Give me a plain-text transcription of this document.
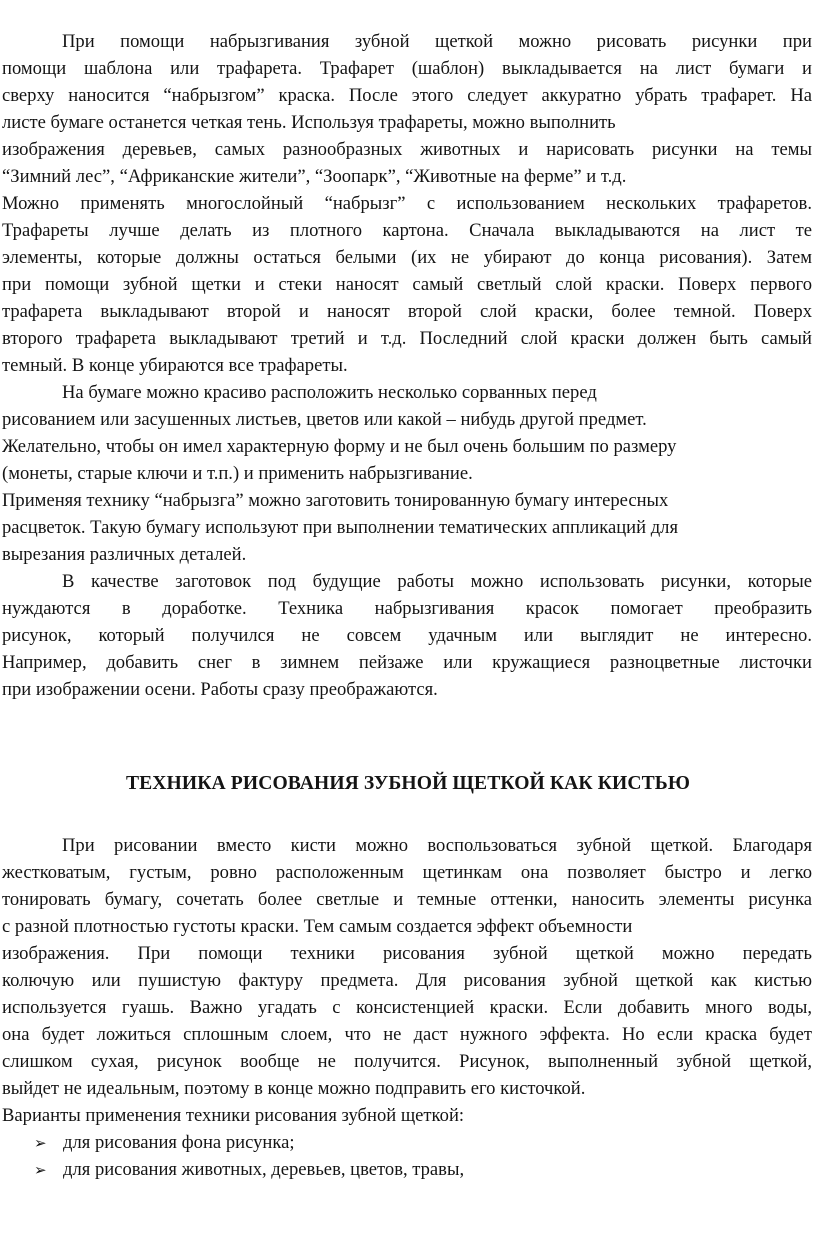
При помощи набрызгивания зубной щеткой можно рисовать рисунки при
помощи шаблона или трафарета. Трафарет (шаблон) выкладывается на лист бумаги и
сверху наносится “набрызгом” краска. После этого следует аккуратно убрать трафарет. На
листе бумаге останется четкая тень. Используя трафареты, можно выполнить
изображения деревьев, самых разнообразных животных и нарисовать рисунки на темы
“Зимний лес”, “Африканские жители”, “Зоопарк”, “Животные на ферме” и т.д.
Можно применять многослойный “набрызг” с использованием нескольких трафаретов.
Трафареты лучше делать из плотного картона. Сначала выкладываются на лист те
элементы, которые должны остаться белыми (их не убирают до конца рисования). Затем
при помощи зубной щетки и стеки наносят самый светлый слой краски. Поверх первого
трафарета выкладывают второй и наносят второй слой краски, более темной. Поверх
второго трафарета выкладывают третий и т.д. Последний слой краски должен быть самый
темный. В конце убираются все трафареты.
На бумаге можно красиво расположить несколько сорванных перед
рисованием или засушенных листьев, цветов или какой – нибудь другой предмет.
Желательно, чтобы он имел характерную форму и не был очень большим по размеру
(монеты, старые ключи и т.п.) и применить набрызгивание.
Применяя технику “набрызга” можно заготовить тонированную бумагу интересных
расцветок. Такую бумагу используют при выполнении тематических аппликаций для
вырезания различных деталей.
В качестве заготовок под будущие работы можно использовать рисунки, которые
нуждаются в доработке. Техника набрызгивания красок помогает преобразить
рисунок, который получился не совсем удачным или выглядит не интересно.
Например, добавить снег в зимнем пейзаже или кружащиеся разноцветные листочки
при изображении осени. Работы сразу преображаются.
ТЕХНИКА РИСОВАНИЯ ЗУБНОЙ ЩЕТКОЙ КАК КИСТЬЮ
При рисовании вместо кисти можно воспользоваться зубной щеткой. Благодаря
жестковатым, густым, ровно расположенным щетинкам она позволяет быстро и легко
тонировать бумагу, сочетать более светлые и темные оттенки, наносить элементы рисунка
с разной плотностью густоты краски. Тем самым создается эффект объемности
изображения. При помощи техники рисования зубной щеткой можно передать
колючую или пушистую фактуру предмета. Для рисования зубной щеткой как кистью
используется гуашь. Важно угадать с консистенцией краски. Если добавить много воды,
она будет ложиться сплошным слоем, что не даст нужного эффекта. Но если краска будет
слишком сухая, рисунок вообще не получится. Рисунок, выполненный зубной щеткой,
выйдет не идеальным, поэтому в конце можно подправить его кисточкой.
Варианты применения техники рисования зубной щеткой:
➢ для рисования фона рисунка;
➢ для рисования животных, деревьев, цветов, травы,
